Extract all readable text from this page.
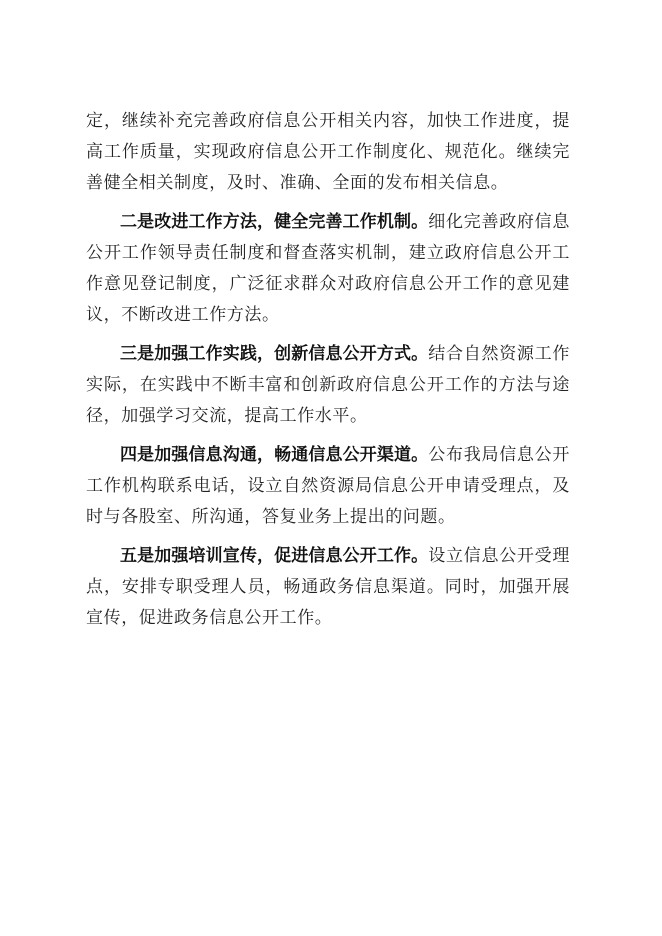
定，继续补充完善政府信息公开相关内容，加快工作进度，提高工作质量，实现政府信息公开工作制度化、规范化。继续完善健全相关制度，及时、准确、全面的发布相关信息。

二是改进工作方法，健全完善工作机制。细化完善政府信息公开工作领导责任制度和督查落实机制，建立政府信息公开工作意见登记制度，广泛征求群众对政府信息公开工作的意见建议，不断改进工作方法。

三是加强工作实践，创新信息公开方式。结合自然资源工作实际，在实践中不断丰富和创新政府信息公开工作的方法与途径，加强学习交流，提高工作水平。

四是加强信息沟通，畅通信息公开渠道。公布我局信息公开工作机构联系电话，设立自然资源局信息公开申请受理点，及时与各股室、所沟通，答复业务上提出的问题。

五是加强培训宣传，促进信息公开工作。设立信息公开受理点，安排专职受理人员，畅通政务信息渠道。同时，加强开展宣传，促进政务信息公开工作。
